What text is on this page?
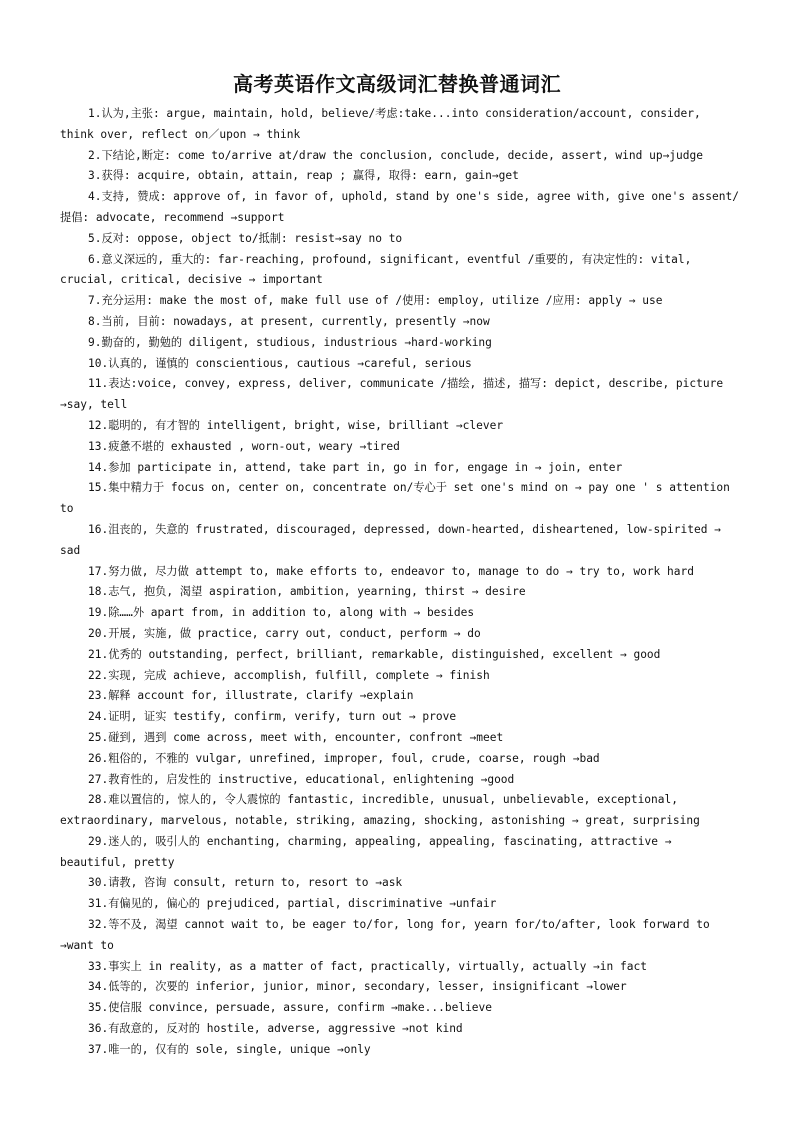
高考英语作文高级词汇替换普通词汇

1.认为,主张: argue, maintain, hold, believe/考虑:take...into consideration/account, consider, think over, reflect on／upon → think

2.下结论,断定: come to/arrive at/draw the conclusion, conclude, decide, assert, wind up→judge

3.获得: acquire, obtain, attain, reap ; 赢得, 取得: earn, gain→get

4.支持, 赞成: approve of, in favor of, uphold, stand by one's side, agree with, give one's assent/提倡: advocate, recommend →support

5.反对: oppose, object to/抵制: resist→say no to

6.意义深远的, 重大的: far-reaching, profound, significant, eventful /重要的, 有决定性的: vital, crucial, critical, decisive → important

7.充分运用: make the most of, make full use of /使用: employ, utilize /应用: apply → use

8.当前, 目前: nowadays, at present, currently, presently →now

9.勤奋的, 勤勉的 diligent, studious, industrious →hard-working

10.认真的, 谨慎的 conscientious, cautious →careful, serious

11.表达:voice, convey, express, deliver, communicate /描绘, 描述, 描写: depict, describe, picture →say, tell

12.聪明的, 有才智的 intelligent, bright, wise, brilliant →clever

13.疲惫不堪的 exhausted , worn-out, weary →tired

14.参加 participate in, attend, take part in, go in for, engage in → join, enter

15.集中精力于 focus on, center on, concentrate on/专心于 set one's mind on → pay one ' s attention to

16.沮丧的, 失意的 frustrated, discouraged, depressed, down-hearted, disheartened, low-spirited → sad

17.努力做, 尽力做 attempt to, make efforts to, endeavor to, manage to do → try to, work hard

18.志气, 抱负, 渴望 aspiration, ambition, yearning, thirst → desire

19.除……外 apart from, in addition to, along with → besides

20.开展, 实施, 做 practice, carry out, conduct, perform → do

21.优秀的 outstanding, perfect, brilliant, remarkable, distinguished, excellent → good

22.实现, 完成 achieve, accomplish, fulfill, complete → finish

23.解释 account for, illustrate, clarify →explain

24.证明, 证实 testify, confirm, verify, turn out → prove

25.碰到, 遇到 come across, meet with, encounter, confront →meet

26.粗俗的, 不雅的 vulgar, unrefined, improper, foul, crude, coarse, rough →bad

27.教育性的, 启发性的 instructive, educational, enlightening →good

28.难以置信的, 惊人的, 令人震惊的 fantastic, incredible, unusual, unbelievable, exceptional, extraordinary, marvelous, notable, striking, amazing, shocking, astonishing → great, surprising

29.迷人的, 吸引人的 enchanting, charming, appealing, appealing, fascinating, attractive → beautiful, pretty

30.请教, 咨询 consult, return to, resort to →ask

31.有偏见的, 偏心的 prejudiced, partial, discriminative →unfair

32.等不及, 渴望 cannot wait to, be eager to/for, long for, yearn for/to/after, look forward to →want to

33.事实上 in reality, as a matter of fact, practically, virtually, actually →in fact

34.低等的, 次要的 inferior, junior, minor, secondary, lesser, insignificant →lower

35.使信服 convince, persuade, assure, confirm →make...believe

36.有敌意的, 反对的 hostile, adverse, aggressive →not kind

37.唯一的, 仅有的 sole, single, unique →only
